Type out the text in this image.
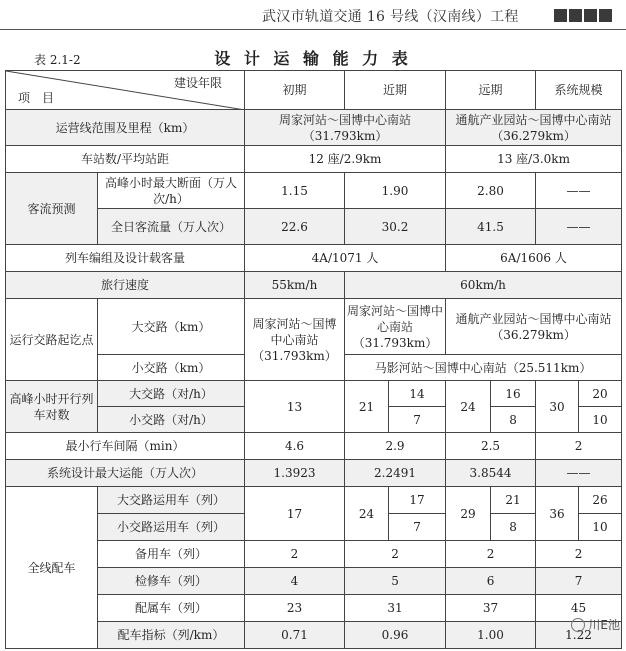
武汉市轨道交通 16 号线（汉南线）工程
表 2.1-2	设 计 运 输 能 力 表
建设年限
项　目		初期	近期		远期		系统规模	
运营线范围及里程（km）		周家河站～国博中心南站（31.793km）			通航产业园站～国博中心南站（36.279km）			
车站数/平均站距		12 座/2.9km			13 座/3.0km			
客流预测	高峰小时最大断面（万人次/h）	1.15	1.90		2.80		——	
	全日客流量（万人次）	22.6	30.2		41.5		——	
列车编组及设计载客量		4A/1071 人			6A/1606 人			
旅行速度		55km/h	60km/h					
运行交路起讫点	大交路（km）	周家河站～国博中心南站（31.793km）	周家河站～国博中心南站（31.793km）		通航产业园站～国博中心南站（36.279km）			
	小交路（km）		马影河站～国博中心南站（25.511km）					
高峰小时开行列车对数	大交路（对/h）	13	21	14	24	16	30	20
	小交路（对/h）			7		8		10
最小行车间隔（min）		4.6	2.9		2.5		2	
系统设计最大运能（万人次）		1.3923	2.2491		3.8544		——	
全线配车	大交路运用车（列）	17	24	17	29	21	36	26
	小交路运用车（列）			7		8		10
	备用车（列）	2	2		2		2	
	检修车（列）	4	5		6		7	
	配属车（列）	23	31		37		45	
	配车指标（列/km）	0.71	0.96		1.00		1.22	
川E池
